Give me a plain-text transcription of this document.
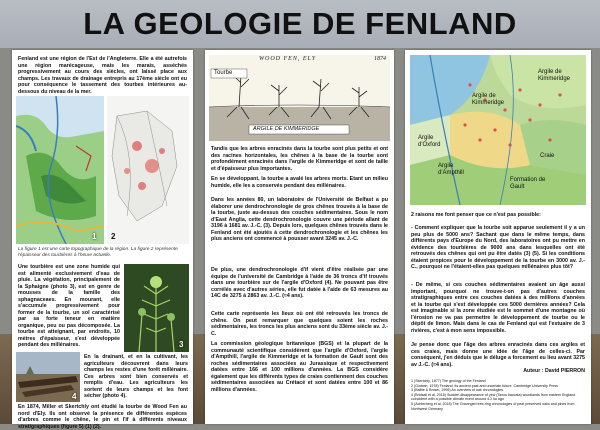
LA GEOLOGIE DE FENLAND

Fenland est une région de l'Est de l'Angleterre. Elle a été autrefois une région marécageuse, mais les marais, asséchés progressivement au cours des siècles, ont laissé place aux champs. Les travaux de drainage entrepris au 17ème siècle ont eu pour conséquence le tassement des tourbes intérieures au-dessous du niveau de la mer.

1 2

La figure 1 est une carte topographique de la région. La figure 2 représente l'épaisseur des tourbières à l'heure actuelle.

Une tourbière est une zone humide qui est alimenté exclusivement d'eau de pluie. La végétation, principalement de la Sphaigne (photo 3), est en genre de mousses de la famille des sphagnaceaes. En mourant, elle s'accumule progressivement pour former de la tourbe, un sol caractérisé par sa forte teneur en matière organique, peu ou pas décomposée. La tourbe est atteignant, par endroits, 10 mètres d'épaisseur, s'est développée pendant des millénaires.	3
4

En la drainant, et en la cultivant, les agriculteurs découvrent dans leurs champs les restes d'une forêt millénaire. Ces arbres sont bien conservés et remplis d'eau. Les agriculteurs les sortent de leurs champs et les font sécher (photo 4).

En 1874, Miller et Skertchly ont étudié la tourbe de Wood Fen au nord d'Ely. Ils ont observé la présence de différentes espèces d'arbres comme le chêne, le pin et l'if à différents niveaux stratigraphiques (figure 5) (1) (2).

WOOD FEN, ELY	1874
Tourbe
ARGILE DE KIMMERIDGE

Tandis que les arbres enracinés dans la tourbe sont plus petits et ont des racines horizontales, les chênes à la base de la tourbe sont profondément enracinés dans l'argile de Kimmeridge et sont de taille et d'épaisseur plus importantes.

En se développant, la tourbe a avalé les arbres morts. Etant un milieu humide, elle les a conservés pendant des millénaires.

Dans les années 80, un laboratoire de l'Université de Belfast a pu élaborer une dendrochronologie de gros chênes trouvés à la base de la tourbe, juste au-dessus des couches sédimentaires. Sous le nom d'East Anglia, cette dendrochronologie couvre une période allant de 3196 à 1681 av. J.-C. (3). Depuis lors, quelques chênes trouvés dans le Fenland ont été ajoutés à cette dendrochronologie et les chênes les plus anciens ont commencé à pousser avant 3245 av. J.-C.

De plus, une dendrochronologie d'if vient d'être réalisée par une équipe de l'université de Cambridge à l'aide de 36 troncs d'if trouvés dans une tourbière sur de l'argile d'Oxford (4). Ne pouvant pas être corrélés avec d'autres séries, elle fut datée à l'aide de 63 mesures au 14C de 3275 à 2863 av. J.-C. (≈4 ans).

Cette carte représente les lieux où ont été retrouvés les troncs de chêne. On peut remarquer que quelques soient les roches sédimentaires, les troncs les plus anciens sont du 33ème siècle av. J.-C.

La commission géologique britannique (BGS) et la plupart de la communauté scientifique considèrent que l'argile d'Oxford, l'argile d'Ampthill, l'argile de Kimmeridge et la formation de Gault sont des roches sédimentaires associées au Jurassique et respectivement datées entre 166 et 100 millions d'années. La BGS considère également que les différents types de craies contiennent des couches sédimentaires associées au Crétacé et sont datées entre 100 et 86 millions d'années.

Argile de Kimmeridge
Argile de Kimmeridge
Argile d'Oxford
Argile d'Ampthill
Formation de Gault
Craie

2 raisons me font penser que ce n'est pas possible:

- Comment expliquer que la tourbe soit apparue seulement il y a un peu plus de 5000 ans? Sachant que dans le même temps, dans différents pays d'Europe du Nord, des laboratoires ont pu mettre en évidence des tourbières de 9000 ans dans lesquelles ont été retrouvés des chênes qui ont pu être datés (3) (5). Si les conditions étaient propices pour le développement de la tourbe en 3000 av. J.-C., pourquoi ne l'étaient-elles pas quelques millénaires plus tôt?

- De même, si ces couches sédimentaires avaient un âge aussi important, pourquoi ne trouve-t-on pas d'autres couches stratigraphiques entre ces couches datées à des millions d'années et la tourbe qui s'est développée ces 5000 dernières années? Cela est imaginable si la zone étudiée est le sommet d'une montagne où l'érosion ne va pas permettre le développement de tourbe ou le dépôt de limon. Mais dans le cas de Fenland qui est l'estuaire de 3 rivières, c'est à mon sens impossible.

Je pense donc que l'âge des arbres enracinés dans ces argiles et ces craies, mais donne une idée de l'âge de celles-ci. Par conséquent, j'en déduis que le déluge a forcement eu lieu avant 3275 av J.-C. (≈4 ans).

Auteur : David PIERRON

1 (Skertchly, 1877) The geology of the Fenland
2 (Godwin, 1978) Fenland: its ancient past and uncertain future. Cambridge University Press
3 (Baillie & Brown, 1995) An overview of oak chronologies
4 (Bridsall et al, 2015) Sudden disappearance of yew (Taxus baccata) woodlands from eastern England coincident with a possible climate event around 4.2 ka ago
5 (Achterberg et al, 2018) The Gravinged tree-ring chronologies of peat preserved oaks and pines from Northwest Germany
